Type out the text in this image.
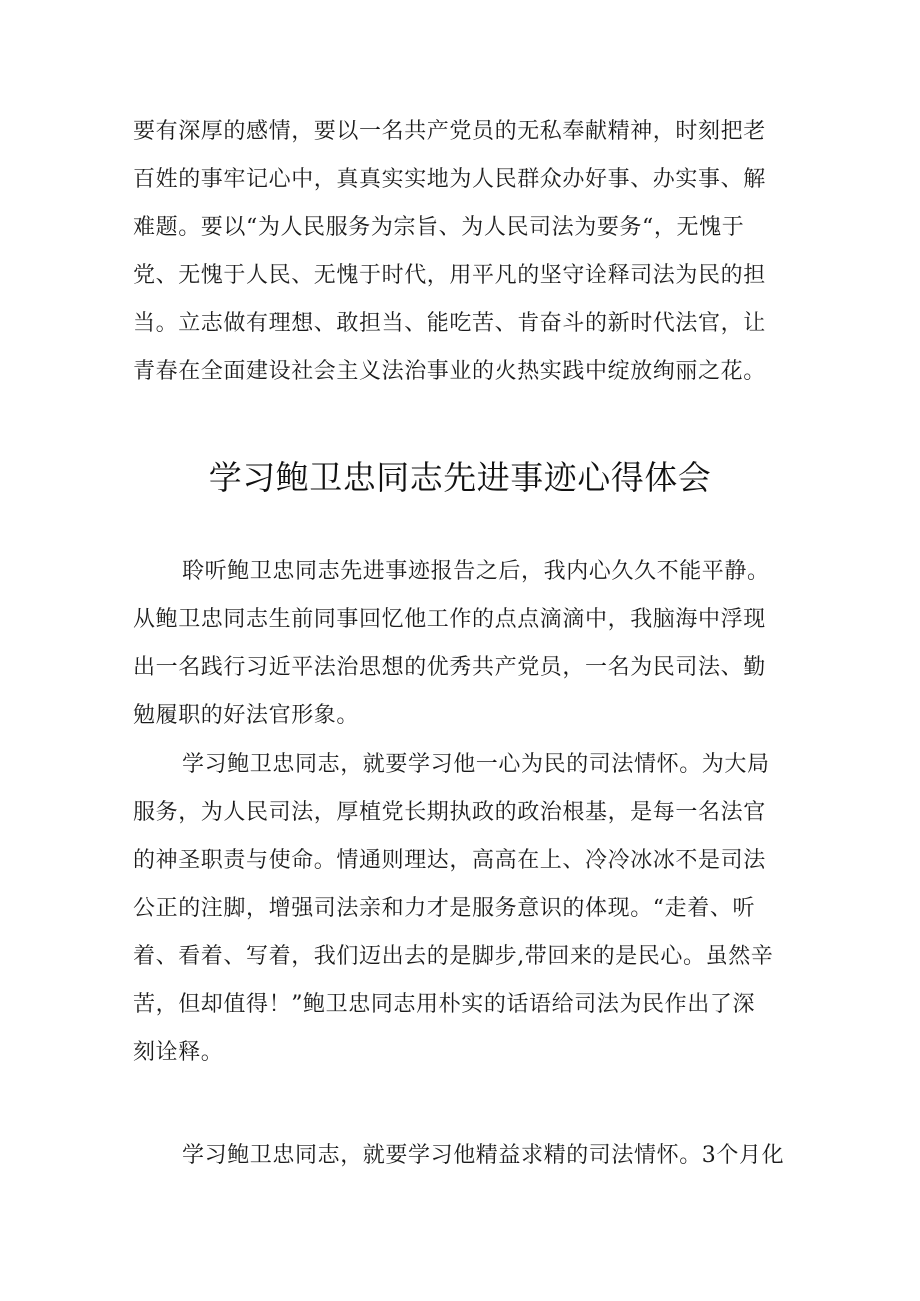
要有深厚的感情，要以一名共产党员的无私奉献精神，时刻把老
百姓的事牢记心中，真真实实地为人民群众办好事、办实事、解
难题。要以“为人民服务为宗旨、为人民司法为要务“，无愧于
党、无愧于人民、无愧于时代，用平凡的坚守诠释司法为民的担
当。立志做有理想、敢担当、能吃苦、肯奋斗的新时代法官，让
青春在全面建设社会主义法治事业的火热实践中绽放绚丽之花。
学习鲍卫忠同志先进事迹心得体会
聆听鲍卫忠同志先进事迹报告之后，我内心久久不能平静。
从鲍卫忠同志生前同事回忆他工作的点点滴滴中，我脑海中浮现
出一名践行习近平法治思想的优秀共产党员，一名为民司法、勤
勉履职的好法官形象。
学习鲍卫忠同志，就要学习他一心为民的司法情怀。为大局
服务，为人民司法，厚植党长期执政的政治根基，是每一名法官
的神圣职责与使命。情通则理达，高高在上、冷冷冰冰不是司法
公正的注脚，增强司法亲和力才是服务意识的体现。“走着、听
着、看着、写着，我们迈出去的是脚步,带回来的是民心。虽然辛
苦，但却值得！”鲍卫忠同志用朴实的话语给司法为民作出了深
刻诠释。
学习鲍卫忠同志，就要学习他精益求精的司法情怀。3个月化
